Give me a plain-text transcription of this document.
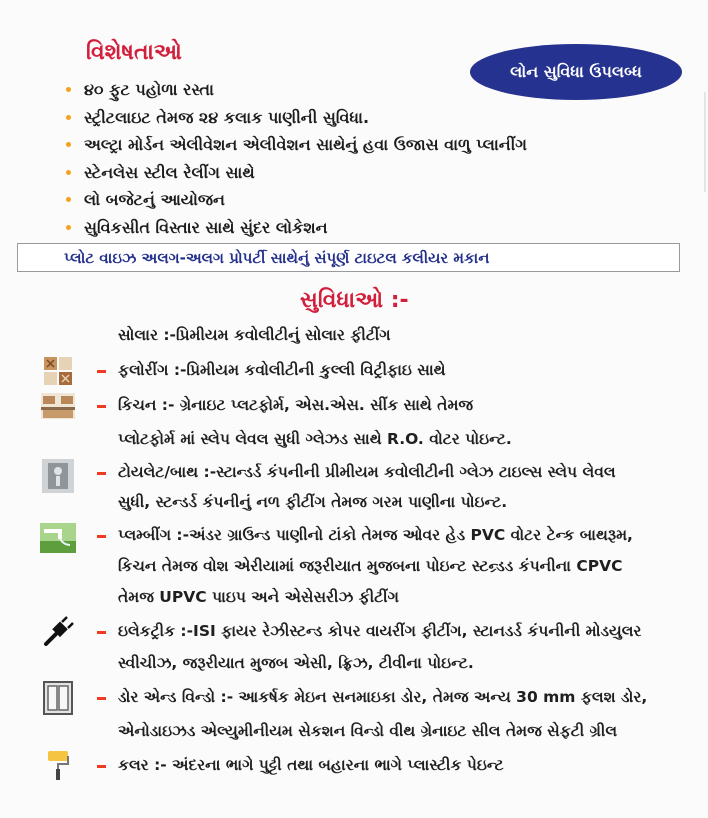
વિશેષતાઓ
લોન સુવિધા ઉપલબ્ધ
૪૦ ફુટ પહોળા રસ્તા
સ્ટ્રીટલાઇટ તેમજ ૨૪ કલાક પાણીની સુવિધા.
અલ્ટ્રા મોર્ડન એલીવેશન એલીવેશન સાથેનું હવા ઉજાસ વાળુ પ્લાનીંગ
સ્ટેનલેસ સ્ટીલ રેલીંગ સાથે
લો બજેટનું આયોજન
સુવિકસીત વિસ્તાર સાથે સુંદર લોકેશન
પ્લોટ વાઇઝ અલગ-અલગ પ્રોપર્ટી સાથેનું સંપૂર્ણ ટાઇટલ કલીયર મકાન
સુવિધાઓ :-
સોલાર :-પ્રિમીયમ કવોલીટીનું સોલાર ફીટીંગ
ફલોરીંગ :-પ્રિમીયમ કવોલીટીની કુલ્લી વિટ્રીફાઇ સાથે
કિચન :- ગ્રેનાઇટ પ્લટફોર્મ, એસ.એસ. સીંક સાથે તેમજ
પ્લોટફોર્મ માં સ્લેપ લેવલ સુધી ગ્લેઝડ સાથે R.O. વોટર પોઇન્ટ.
ટોયલેટ/બાથ :-સ્ટાન્ડર્ડ કંપનીની પ્રીમીયમ કવોલીટીની ગ્લેઝ ટાઇલ્સ સ્લેપ લેવલ
સુધી, સ્ટન્ડર્ડ કંપનીનું નળ ફીટીંગ તેમજ ગરમ પાણીના પોઇન્ટ.
પ્લમ્બીંગ :-અંડર ગ્રાઉન્ડ પાણીનો ટાંકો તેમજ ઓવર હેડ PVC વોટર ટેન્ક બાથરૂમ,
કિચન તેમજ વોશ એરીયામાં જરૂરીયાત મુજબના પોઇન્ટ સ્ટન્ર્ડડ કંપનીના CPVC
તેમજ UPVC પાઇપ અને એસેસરીઝ ફીટીંગ
ઇલેકટ્રીક :-ISI ફાયર રેઝીસ્ટન્ડ કોપર વાયરીંગ ફીટીંગ, સ્ટાનડર્ડ કંપનીની મોડયુલર
સ્વીચીઝ, જરૂરીયાત મુજબ એસી, ફ્રિઝ, ટીવીના પોઇન્ટ.
ડોર એન્ડ વિન્ડો :- આકર્ષક મેઇન સનમાઇકા ડોર, તેમજ અન્ય 30 mm ફલશ ડોર,
એનોડાઇઝડ એલ્યુમીનીયમ સેકશન વિન્ડો વીથ ગ્રેનાઇટ સીલ તેમજ સેફટી ગ્રીલ
કલર :- અંદરના ભાગે પુટ્ટી તથા બહારના ભાગે પ્લાસ્ટીક પેઇન્ટ
